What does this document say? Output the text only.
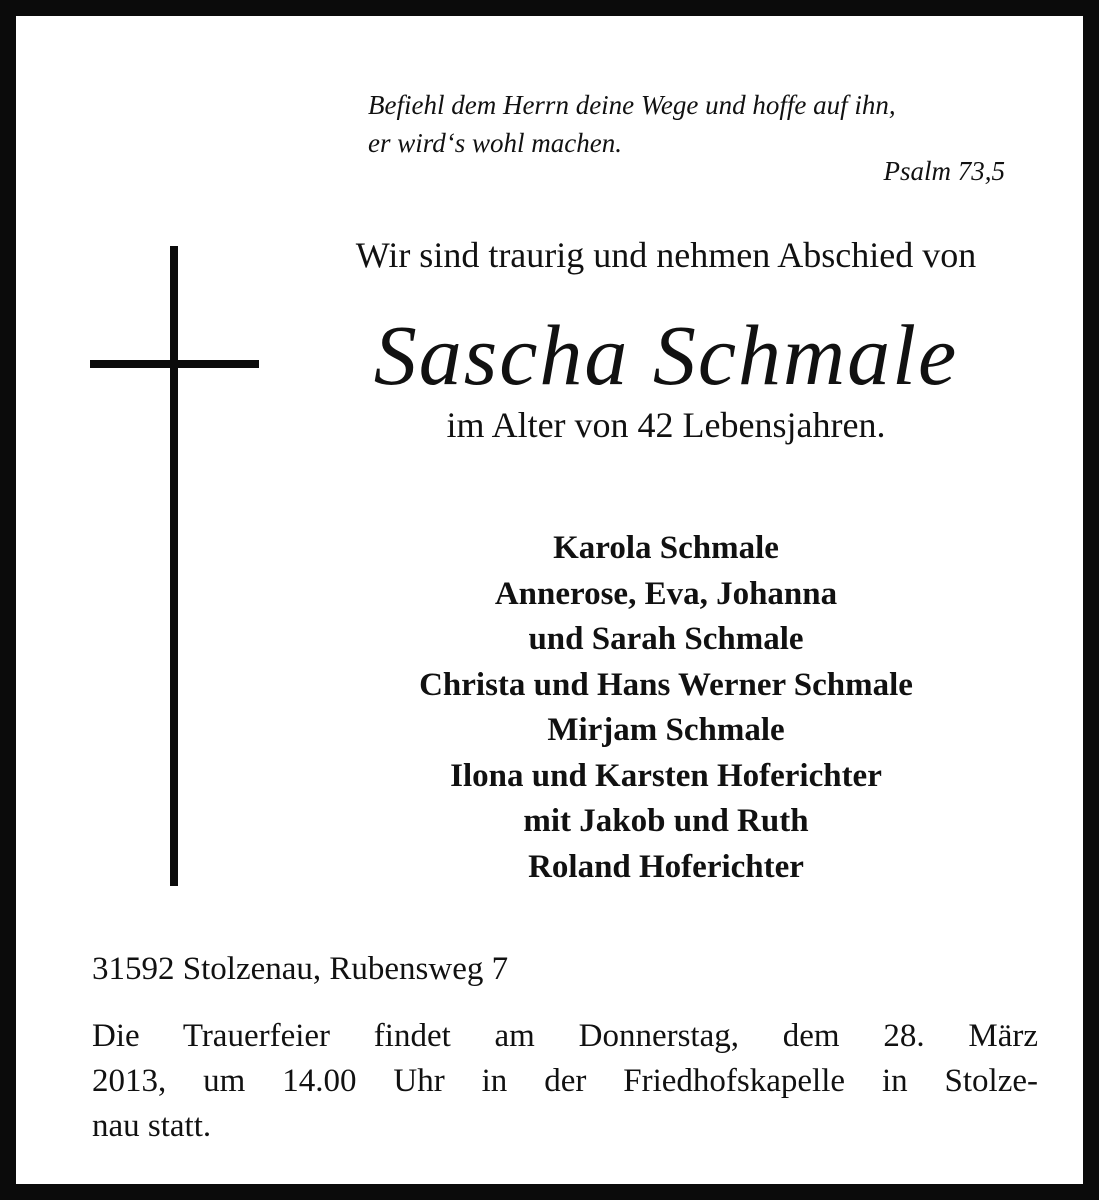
Befiehl dem Herrn deine Wege und hoffe auf ihn,
er wird‘s wohl machen.
Psalm 73,5
Wir sind traurig und nehmen Abschied von
Sascha Schmale
im Alter von 42 Lebensjahren.
Karola Schmale
Annerose, Eva, Johanna
und Sarah Schmale
Christa und Hans Werner Schmale
Mirjam Schmale
Ilona und Karsten Hoferichter
mit Jakob und Ruth
Roland Hoferichter
31592 Stolzenau, Rubensweg 7
Die Trauerfeier findet am Donnerstag, dem 28. März
2013, um 14.00 Uhr in der Friedhofskapelle in Stolze-
nau statt.
